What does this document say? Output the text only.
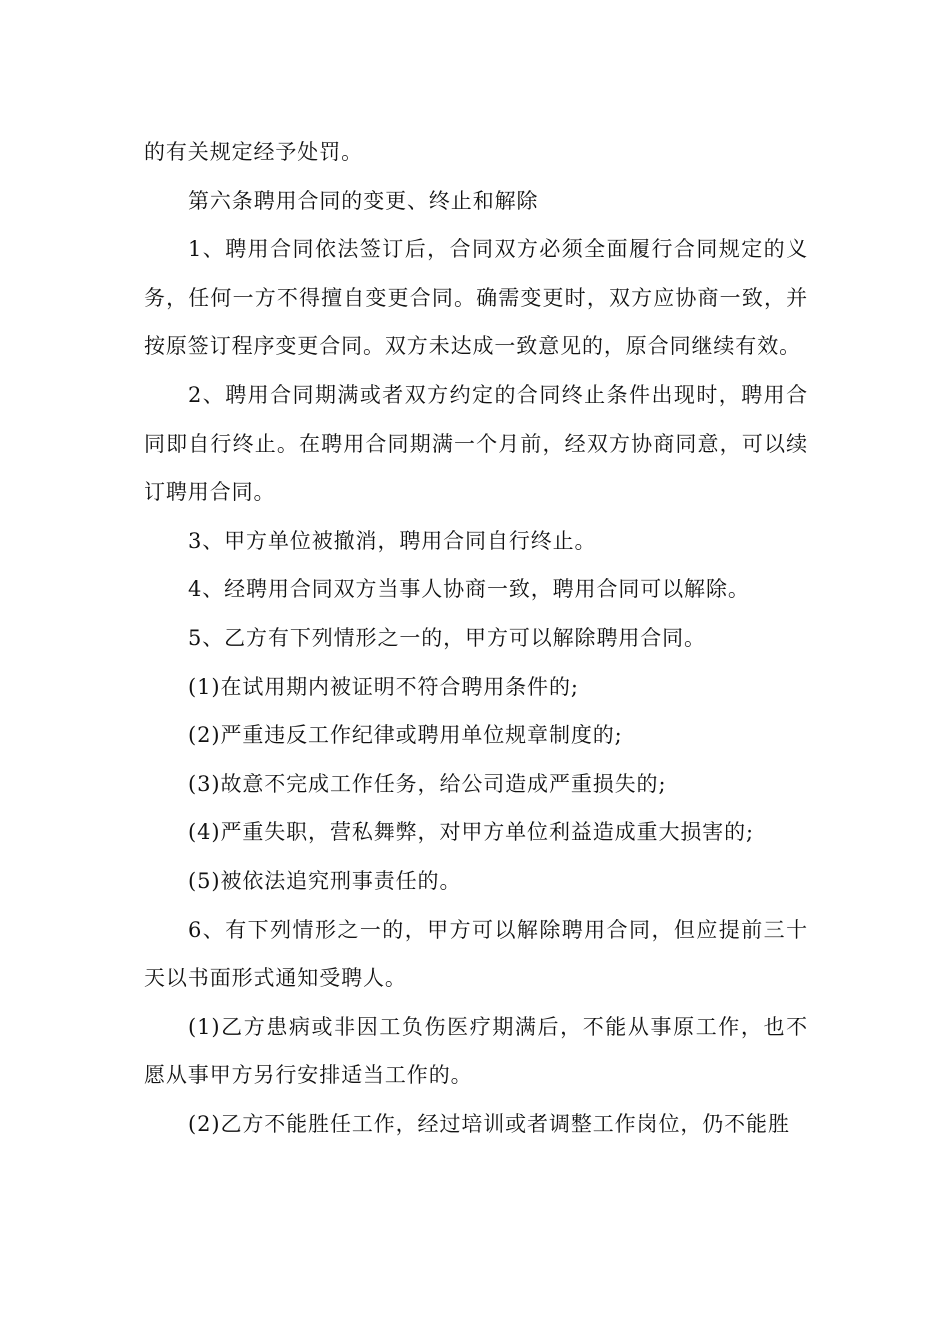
的有关规定经予处罚。

第六条聘用合同的变更、终止和解除

1、聘用合同依法签订后，合同双方必须全面履行合同规定的义务，任何一方不得擅自变更合同。确需变更时，双方应协商一致，并按原签订程序变更合同。双方未达成一致意见的，原合同继续有效。

2、聘用合同期满或者双方约定的合同终止条件出现时，聘用合同即自行终止。在聘用合同期满一个月前，经双方协商同意，可以续订聘用合同。

3、甲方单位被撤消，聘用合同自行终止。

4、经聘用合同双方当事人协商一致，聘用合同可以解除。

5、乙方有下列情形之一的，甲方可以解除聘用合同。

(1)在试用期内被证明不符合聘用条件的;

(2)严重违反工作纪律或聘用单位规章制度的;

(3)故意不完成工作任务，给公司造成严重损失的;

(4)严重失职，营私舞弊，对甲方单位利益造成重大损害的;

(5)被依法追究刑事责任的。

6、有下列情形之一的，甲方可以解除聘用合同，但应提前三十天以书面形式通知受聘人。

(1)乙方患病或非因工负伤医疗期满后，不能从事原工作，也不愿从事甲方另行安排适当工作的。

(2)乙方不能胜任工作，经过培训或者调整工作岗位，仍不能胜
